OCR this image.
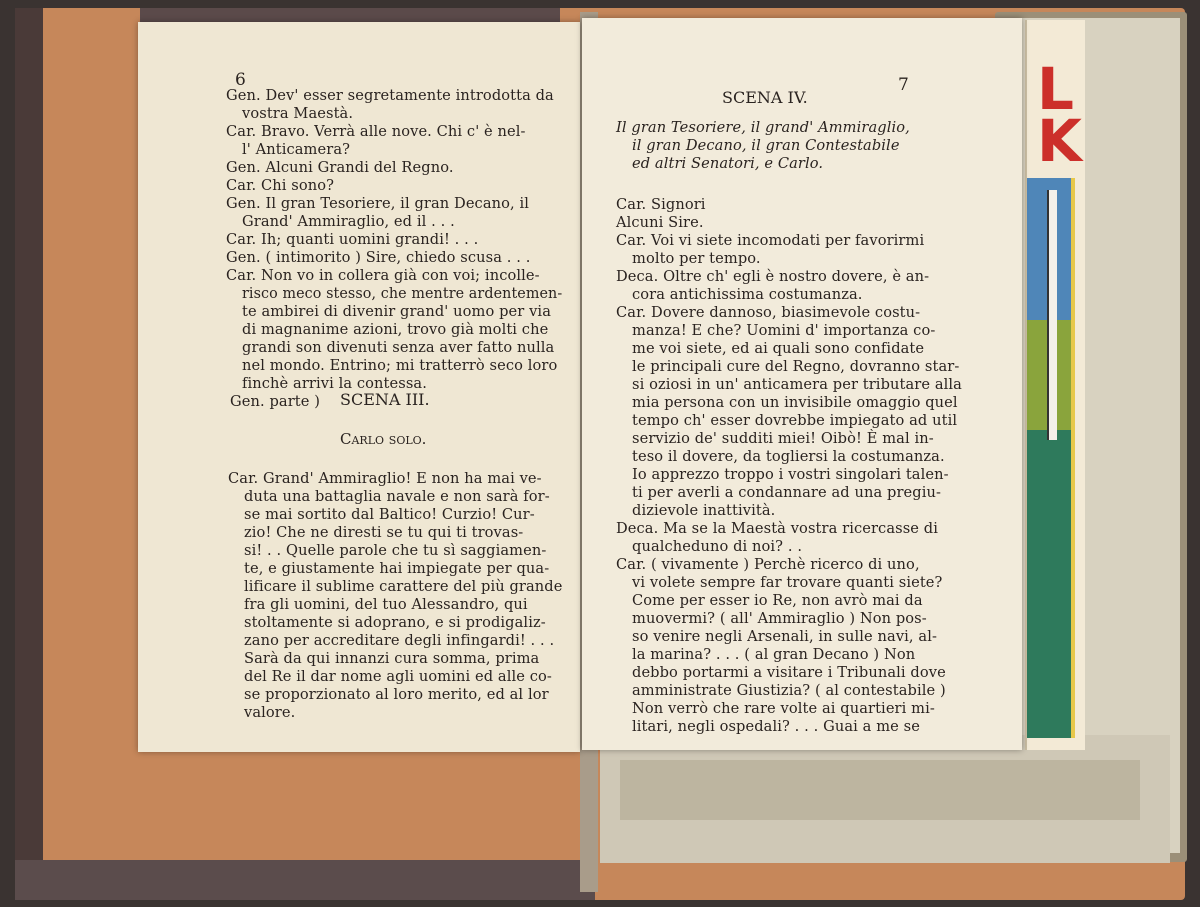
L
K
6
Gen. Dev' esser segretamente introdotta da
vostra Maestà.
Car. Bravo. Verrà alle nove. Chi c' è nel-
l' Anticamera?
Gen. Alcuni Grandi del Regno.
Car. Chi sono?
Gen. Il gran Tesoriere, il gran Decano, il
Grand' Ammiraglio, ed il . . .
Car. Ih; quanti uomini grandi! . . .
Gen. ( intimorito ) Sire, chiedo scusa . . .
Car. Non vo in collera già con voi; incolle-
risco meco stesso, che mentre ardentemen-
te ambirei di divenir grand' uomo per via
di magnanime azioni, trovo già molti che
grandi son divenuti senza aver fatto nulla
nel mondo. Entrino; mi tratterrò seco loro
finchè arrivi la contessa.
Gen. parte ) SCENA III.
Carlo solo.
Car. Grand' Ammiraglio! E non ha mai ve-
duta una battaglia navale e non sarà for-
se mai sortito dal Baltico! Curzio! Cur-
zio! Che ne diresti se tu qui ti trovas-
si! . . Quelle parole che tu sì saggiamen-
te, e giustamente hai impiegate per qua-
lificare il sublime carattere del più grande
fra gli uomini, del tuo Alessandro, qui
stoltamente si adoprano, e si prodigaliz-
zano per accreditare degli infingardi! . . .
Sarà da qui innanzi cura somma, prima
del Re il dar nome agli uomini ed alle co-
se proporzionato al loro merito, ed al lor
valore.
7
SCENA IV.
Il gran Tesoriere, il grand' Ammiraglio,
il gran Decano, il gran Contestabile
ed altri Senatori, e Carlo.
Car. Signori
Alcuni Sire.
Car. Voi vi siete incomodati per favorirmi
molto per tempo.
Deca. Oltre ch' egli è nostro dovere, è an-
cora antichissima costumanza.
Car. Dovere dannoso, biasimevole costu-
manza! E che? Uomini d' importanza co-
me voi siete, ed ai quali sono confidate
le principali cure del Regno, dovranno star-
si oziosi in un' anticamera per tributare alla
mia persona con un invisibile omaggio quel
tempo ch' esser dovrebbe impiegato ad util
servizio de' sudditi miei! Oibò! È mal in-
teso il dovere, da togliersi la costumanza.
Io apprezzo troppo i vostri singolari talen-
ti per averli a condannare ad una pregiu-
dizievole inattività.
Deca. Ma se la Maestà vostra ricercasse di
qualcheduno di noi? . .
Car. ( vivamente ) Perchè ricerco di uno,
vi volete sempre far trovare quanti siete?
Come per esser io Re, non avrò mai da
muovermi? ( all' Ammiraglio ) Non pos-
so venire negli Arsenali, in sulle navi, al-
la marina? . . . ( al gran Decano ) Non
debbo portarmi a visitare i Tribunali dove
amministrate Giustizia? ( al contestabile )
Non verrò che rare volte ai quartieri mi-
litari, negli ospedali? . . . Guai a me se
